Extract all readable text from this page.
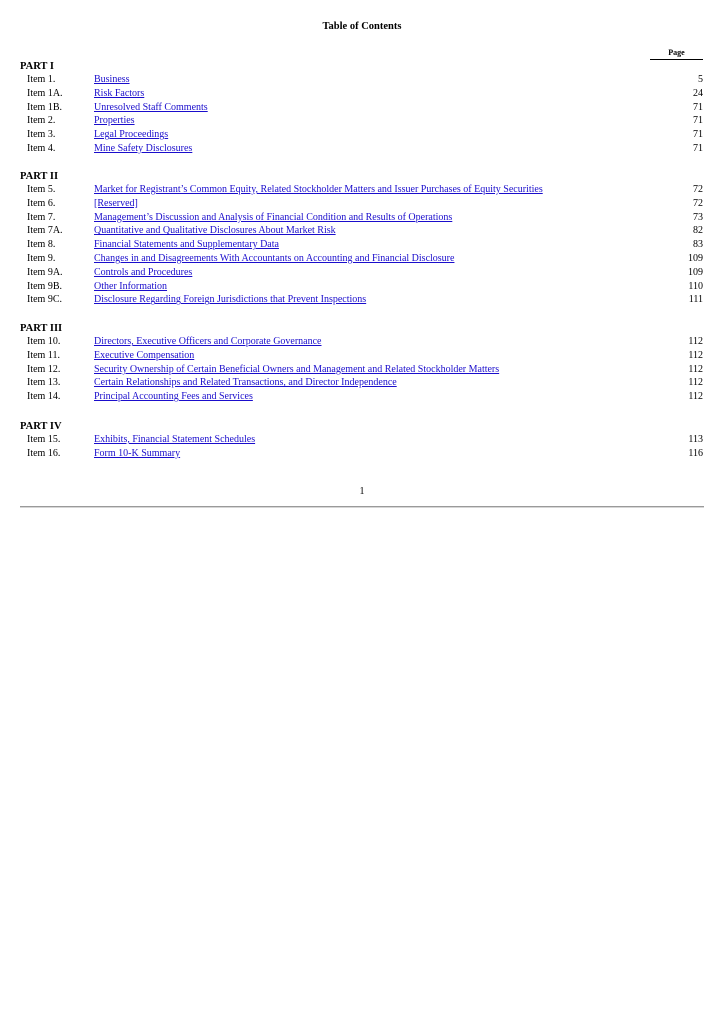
Table of Contents
Page
PART I
Item 1.	Business	5
Item 1A.	Risk Factors	24
Item 1B.	Unresolved Staff Comments	71
Item 2.	Properties	71
Item 3.	Legal Proceedings	71
Item 4.	Mine Safety Disclosures	71
PART II
Item 5.	Market for Registrant’s Common Equity, Related Stockholder Matters and Issuer Purchases of Equity Securities	72
Item 6.	[Reserved]	72
Item 7.	Management’s Discussion and Analysis of Financial Condition and Results of Operations	73
Item 7A.	Quantitative and Qualitative Disclosures About Market Risk	82
Item 8.	Financial Statements and Supplementary Data	83
Item 9.	Changes in and Disagreements With Accountants on Accounting and Financial Disclosure	109
Item 9A.	Controls and Procedures	109
Item 9B.	Other Information	110
Item 9C.	Disclosure Regarding Foreign Jurisdictions that Prevent Inspections	111
PART III
Item 10.	Directors, Executive Officers and Corporate Governance	112
Item 11.	Executive Compensation	112
Item 12.	Security Ownership of Certain Beneficial Owners and Management and Related Stockholder Matters	112
Item 13.	Certain Relationships and Related Transactions, and Director Independence	112
Item 14.	Principal Accounting Fees and Services	112
PART IV
Item 15.	Exhibits, Financial Statement Schedules	113
Item 16.	Form 10-K Summary	116
1
